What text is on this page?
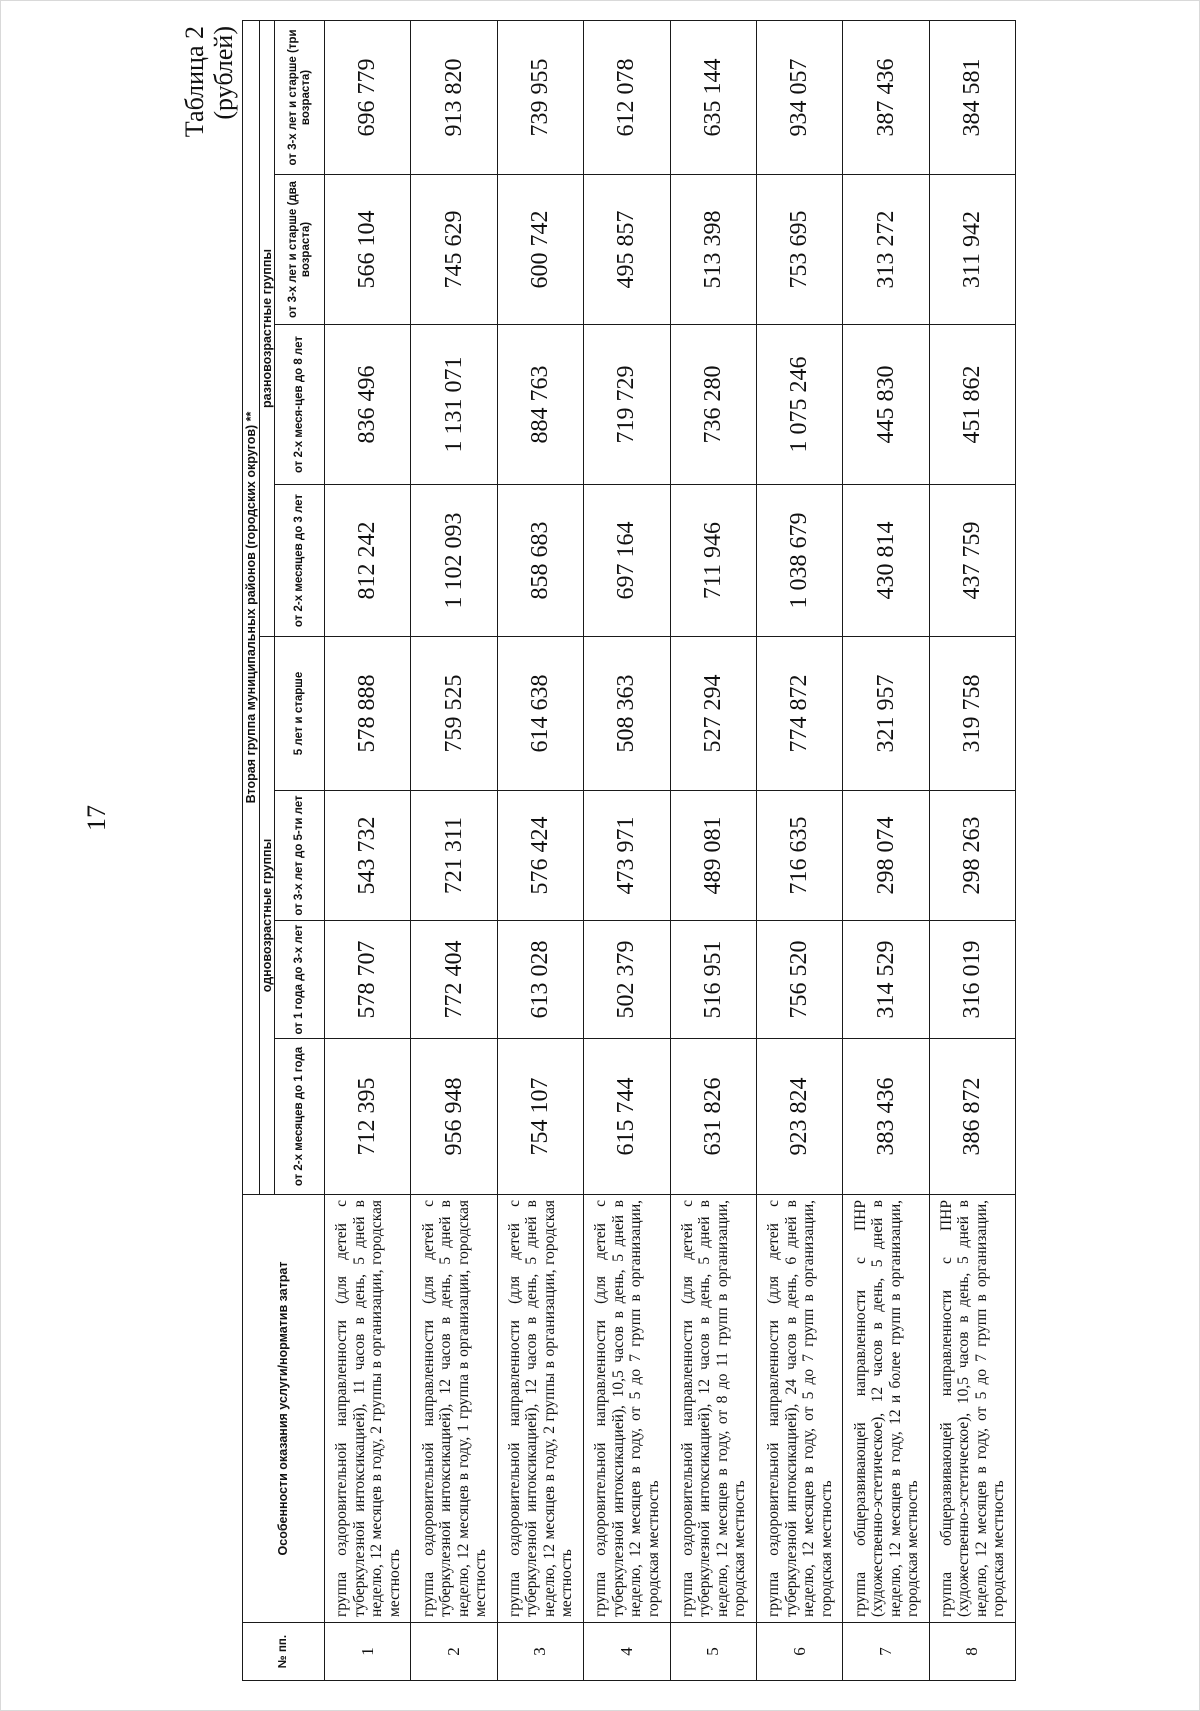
17
Таблица 2 (рублей)
№ пп.	Особенности оказания услуги/норматив затрат	Вторая группа муниципальных районов (городских округов) **							
		одновозрастные группы				разновозрастные группы			
		от 2-х месяцев до 1 года	от 1 года до 3-х лет	от 3-х лет до 5-ти лет	5 лет и старше	от 2-х месяцев до 3 лет	от 2-х меся-цев до 8 лет	от 3-х лет и старше (два возраста)	от 3-х лет и старше (три возраста)
1	группа оздоровительной направленности (для детей с туберкулезной интоксикацией), 11 часов в день, 5 дней в неделю, 12 месяцев в году, 2 группы в организации, городская местность	712 395	578 707	543 732	578 888	812 242	836 496	566 104	696 779
2	группа оздоровительной направленности (для детей с туберкулезной интоксикацией), 12 часов в день, 5 дней в неделю, 12 месяцев в году, 1 группа в организации, городская местность	956 948	772 404	721 311	759 525	1 102 093	1 131 071	745 629	913 820
3	группа оздоровительной направленности (для детей с туберкулезной интоксикацией), 12 часов в день, 5 дней в неделю, 12 месяцев в году, 2 группы в организации, городская местность	754 107	613 028	576 424	614 638	858 683	884 763	600 742	739 955
4	группа оздоровительной направленности (для детей с туберкулезной интоксикацией), 10,5 часов в день, 5 дней в неделю, 12 месяцев в году, от 5 до 7 групп в организации, городская местность	615 744	502 379	473 971	508 363	697 164	719 729	495 857	612 078
5	группа оздоровительной направленности (для детей с туберкулезной интоксикацией), 12 часов в день, 5 дней в неделю, 12 месяцев в году, от 8 до 11 групп в организации, городская местность	631 826	516 951	489 081	527 294	711 946	736 280	513 398	635 144
6	группа оздоровительной направленности (для детей с туберкулезной интоксикацией), 24 часов в день, 6 дней в неделю, 12 месяцев в году, от 5 до 7 групп в организации, городская местность	923 824	756 520	716 635	774 872	1 038 679	1 075 246	753 695	934 057
7	группа общеразвивающей направленности с ПНР (художественно-эстетическое), 12 часов в день, 5 дней в неделю, 12 месяцев в году, 12 и более групп в организации, городская местность	383 436	314 529	298 074	321 957	430 814	445 830	313 272	387 436
8	группа общеразвивающей направленности с ПНР (художественно-эстетическое), 10,5 часов в день, 5 дней в неделю, 12 месяцев в году, от 5 до 7 групп в организации, городская местность	386 872	316 019	298 263	319 758	437 759	451 862	311 942	384 581
